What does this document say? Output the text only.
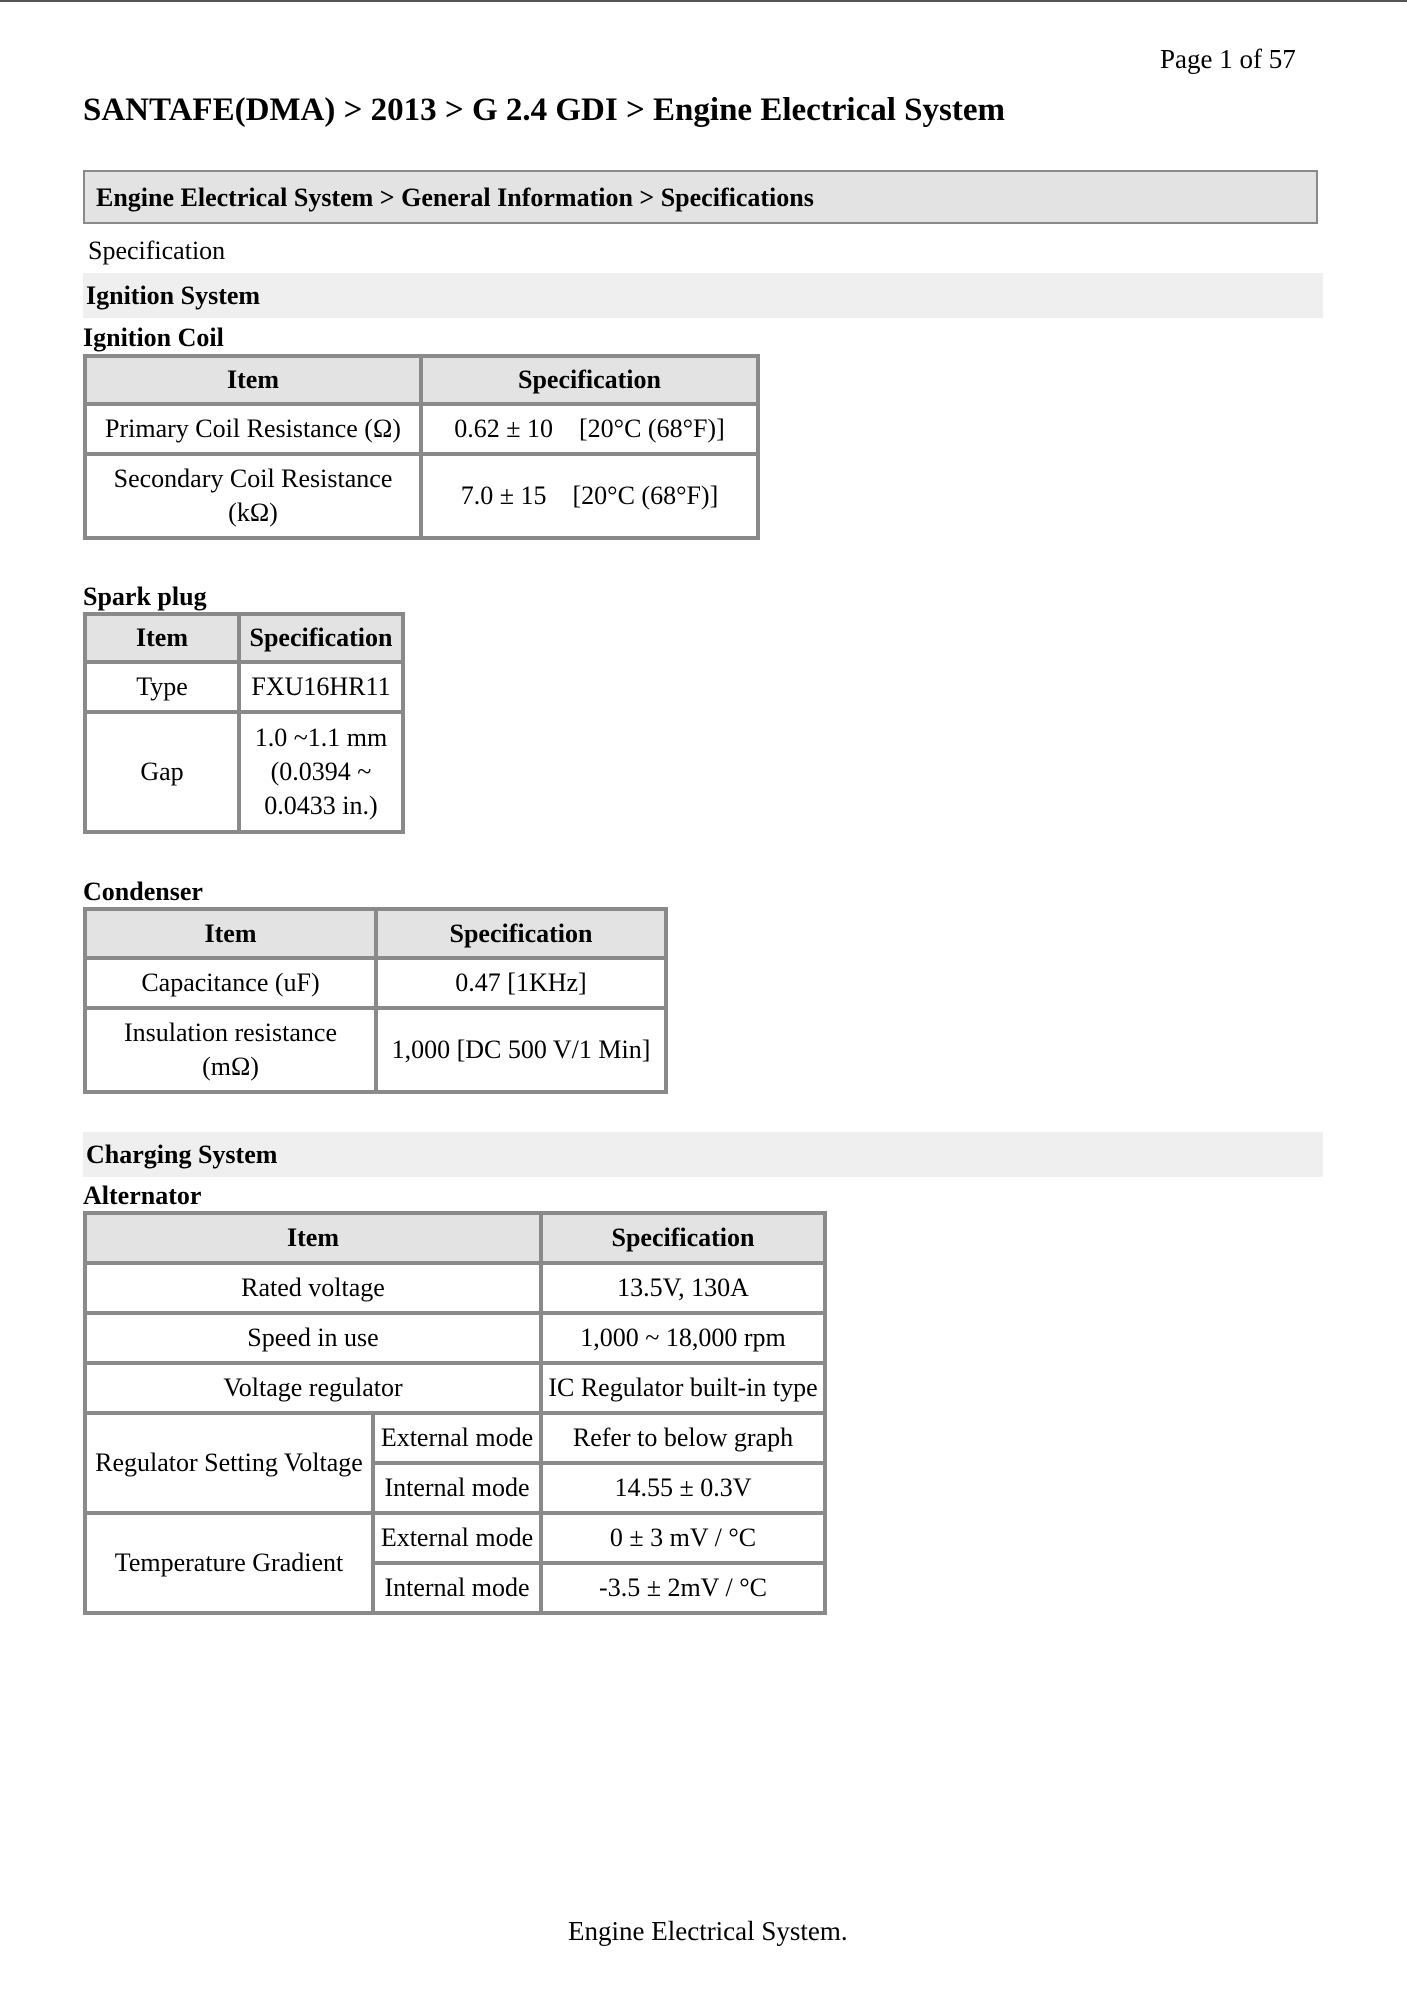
Page 1 of 57
SANTAFE(DMA) > 2013 > G 2.4 GDI > Engine Electrical System
Engine Electrical System > General Information > Specifications
Specification
Ignition System
Ignition Coil
Item	Specification
Primary Coil Resistance (Ω)	0.62 ± 10    [20°C (68°F)]
Secondary Coil Resistance (kΩ)	7.0 ± 15    [20°C (68°F)]
Spark plug
Item	Specification
Type	FXU16HR11
Gap	1.0 ~1.1 mm (0.0394 ~ 0.0433 in.)
Condenser
Item	Specification
Capacitance (uF)	0.47 [1KHz]
Insulation resistance (mΩ)	1,000 [DC 500 V/1 Min]
Charging System
Alternator
Item		Specification
Rated voltage		13.5V, 130A
Speed in use		1,000 ~ 18,000 rpm
Voltage regulator		IC Regulator built-in type
Regulator Setting Voltage	External mode	Refer to below graph
	Internal mode	14.55 ± 0.3V
Temperature Gradient	External mode	0 ± 3 mV / °C
	Internal mode	-3.5 ± 2mV / °C
Engine Electrical System.
